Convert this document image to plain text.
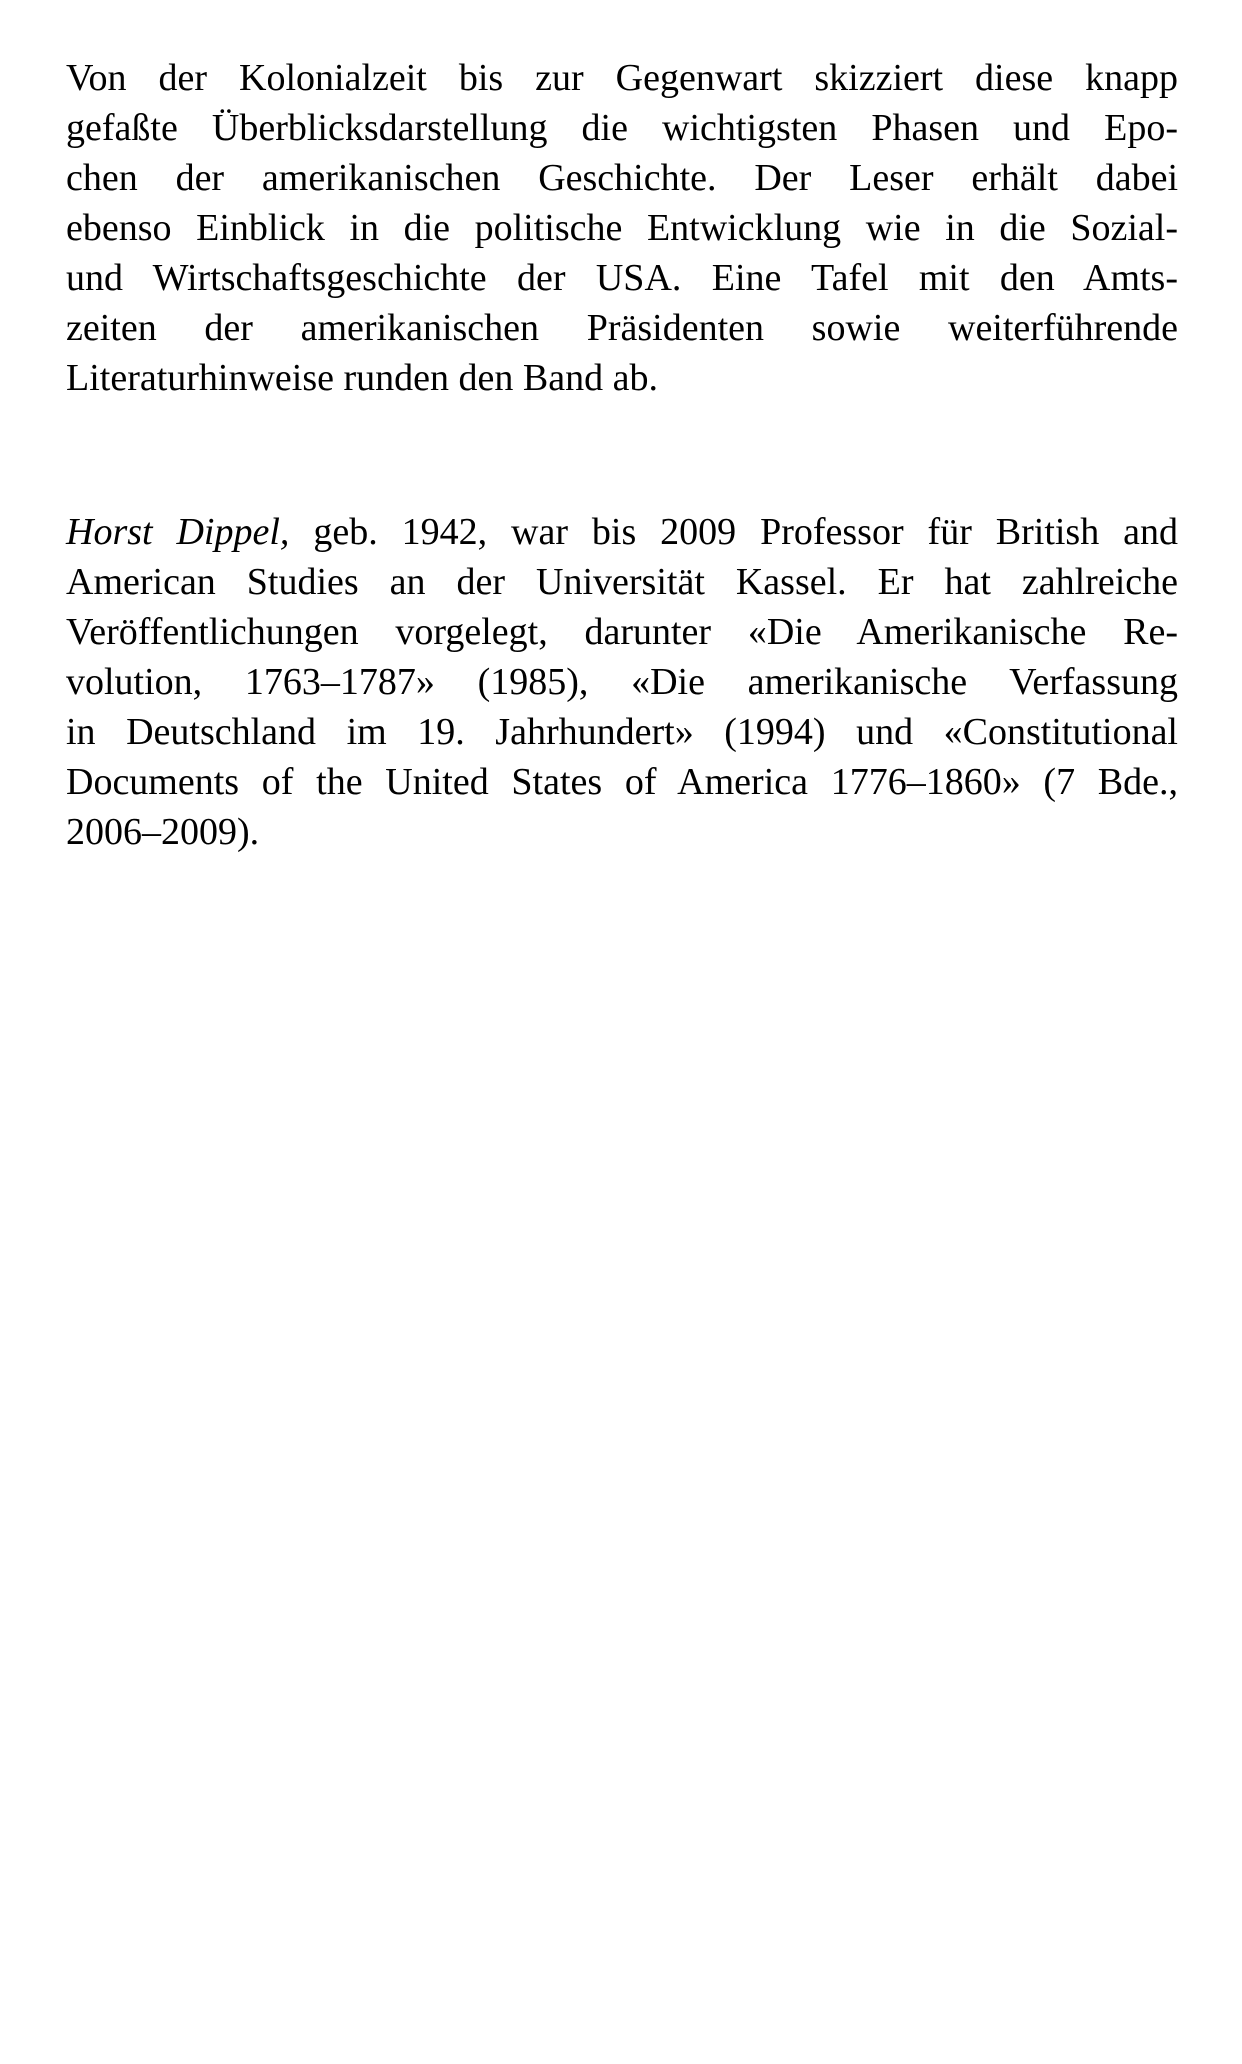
Von der Kolonialzeit bis zur Gegenwart skizziert diese knapp
gefaßte Überblicksdarstellung die wichtigsten Phasen und Epo-
chen der amerikanischen Geschichte. Der Leser erhält dabei
ebenso Einblick in die politische Entwicklung wie in die Sozial-
und Wirtschaftsgeschichte der USA. Eine Tafel mit den Amts-
zeiten der amerikanischen Präsidenten sowie weiterführende
Literaturhinweise runden den Band ab.
Horst Dippel, geb. 1942, war bis 2009 Professor für British and
American Studies an der Universität Kassel. Er hat zahlreiche
Veröffentlichungen vorgelegt, darunter «Die Amerikanische Re-
volution, 1763–1787» (1985), «Die amerikanische Verfassung
in Deutschland im 19. Jahrhundert» (1994) und «Constitutional
Documents of the United States of America 1776–1860» (7 Bde.,
2006–2009).
